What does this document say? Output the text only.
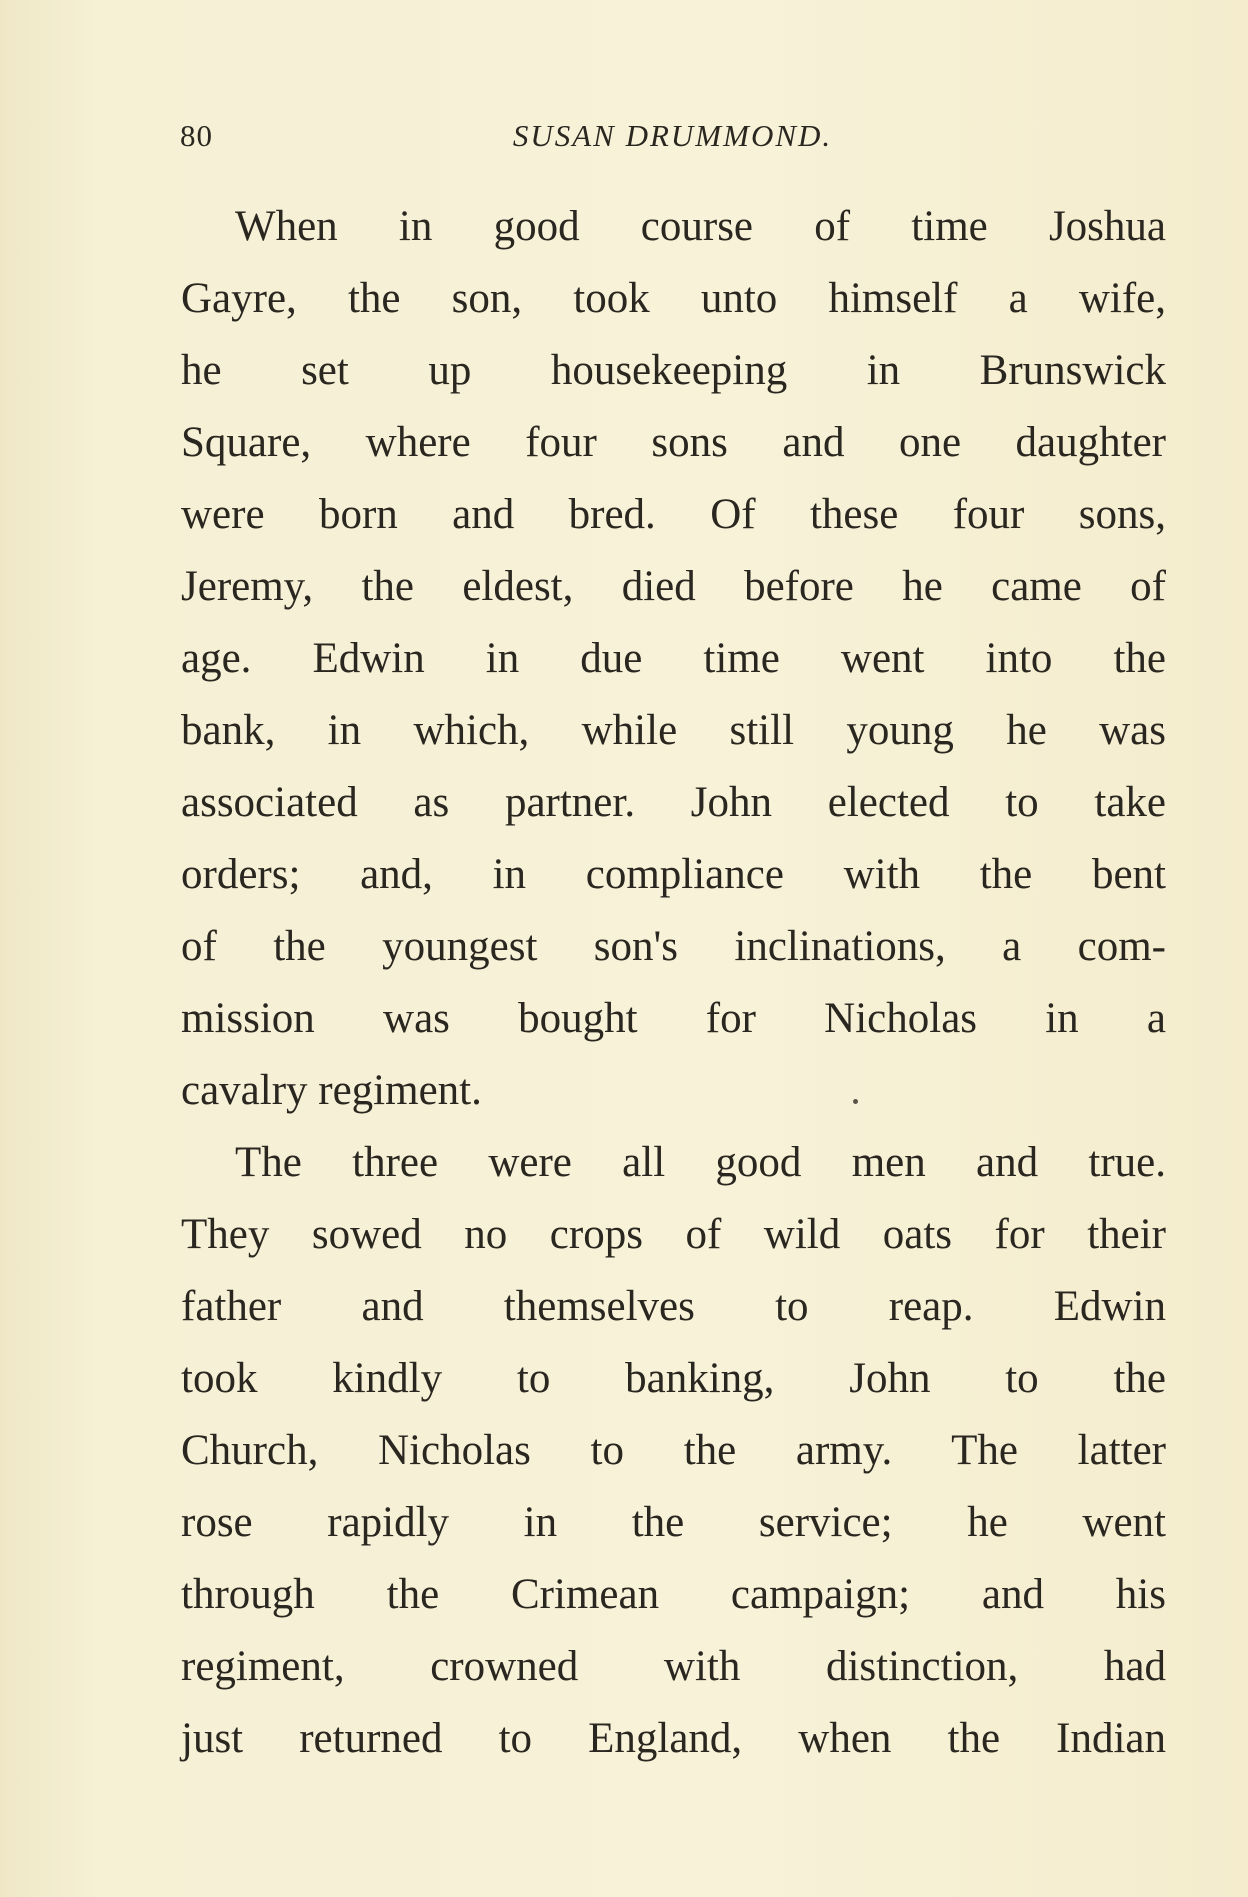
80	SUSAN DRUMMOND.
When in good course of time Joshua
Gayre, the son, took unto himself a wife,
he set up housekeeping in Brunswick
Square, where four sons and one daughter
were born and bred. Of these four sons,
Jeremy, the eldest, died before he came of
age. Edwin in due time went into the
bank, in which, while still young he was
associated as partner. John elected to take
orders; and, in compliance with the bent
of the youngest son's inclinations, a com-
mission was bought for Nicholas in a
cavalry regiment.
The three were all good men and true.
They sowed no crops of wild oats for their
father and themselves to reap. Edwin
took kindly to banking, John to the
Church, Nicholas to the army. The latter
rose rapidly in the service; he went
through the Crimean campaign; and his
regiment, crowned with distinction, had
just returned to England, when the Indian
